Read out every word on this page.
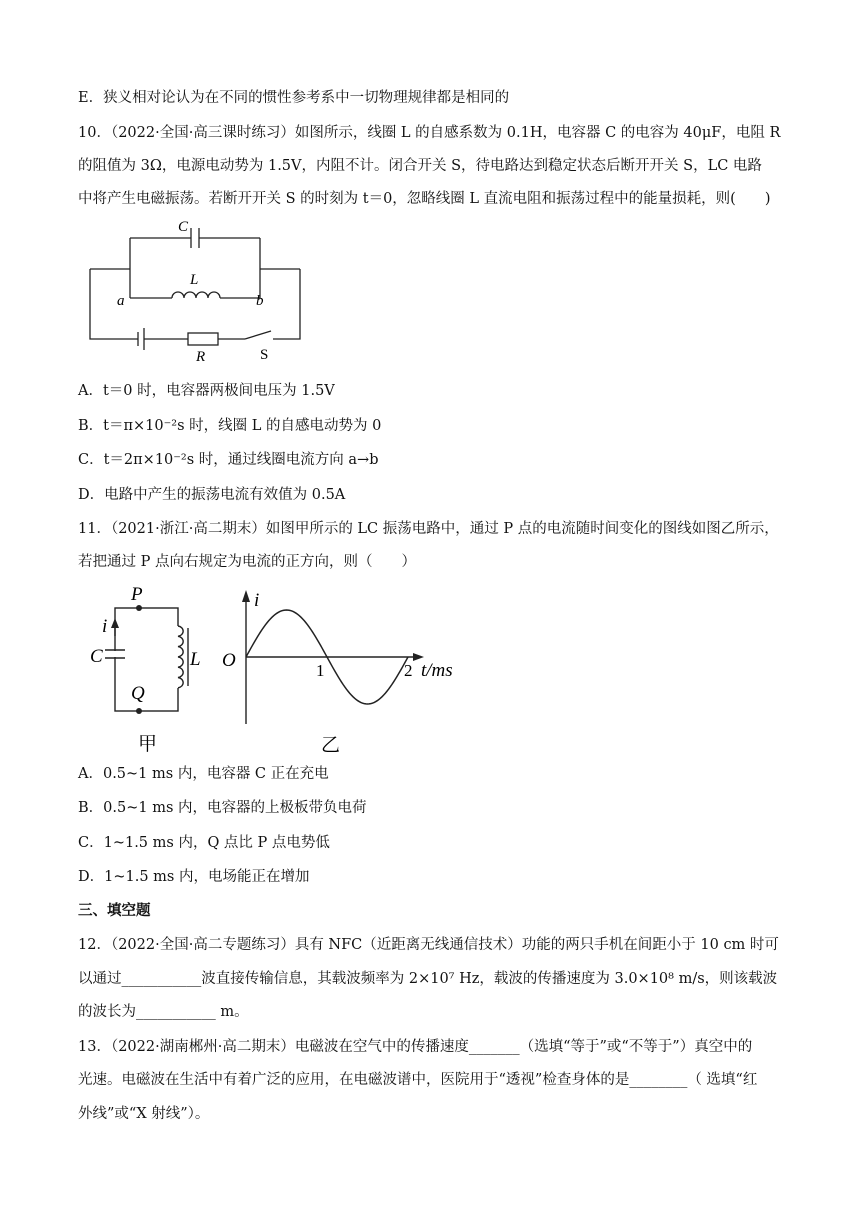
E．狭义相对论认为在不同的惯性参考系中一切物理规律都是相同的
10．（2022·全国·高三课时练习）如图所示，线圈 L 的自感系数为 0.1H，电容器 C 的电容为 40μF，电阻 R
的阻值为 3Ω，电源电动势为 1.5V，内阻不计。闭合开关 S，待电路达到稳定状态后断开开关 S，LC 电路
中将产生电磁振荡。若断开开关 S 的时刻为 t＝0，忽略线圈 L 直流电阻和振荡过程中的能量损耗，则(　　)
C
L
a	b
R	S
A．t＝0 时，电容器两极间电压为 1.5V
B．t＝π×10⁻²s 时，线圈 L 的自感电动势为 0
C．t＝2π×10⁻²s 时，通过线圈电流方向 a→b
D．电路中产生的振荡电流有效值为 0.5A
11．（2021·浙江·高二期末）如图甲所示的 LC 振荡电路中，通过 P 点的电流随时间变化的图线如图乙所示，
若把通过 P 点向右规定为电流的正方向，则（　　）
P
Q
i
C	L
甲
i
O	1	2 t/ms
乙
A．0.5~1 ms 内，电容器 C 正在充电
B．0.5~1 ms 内，电容器的上极板带负电荷
C．1~1.5 ms 内，Q 点比 P 点电势低
D．1~1.5 ms 内，电场能正在增加
三、填空题
12．（2022·全国·高二专题练习）具有 NFC（近距离无线通信技术）功能的两只手机在间距小于 10 cm 时可
以通过___________波直接传输信息，其载波频率为 2×10⁷ Hz，载波的传播速度为 3.0×10⁸ m/s，则该载波
的波长为___________ m。
13．（2022·湖南郴州·高二期末）电磁波在空气中的传播速度_______（选填“等于”或“不等于”）真空中的
光速。电磁波在生活中有着广泛的应用，在电磁波谱中，医院用于“透视”检查身体的是________（ 选填“红
外线”或“X 射线”）。
